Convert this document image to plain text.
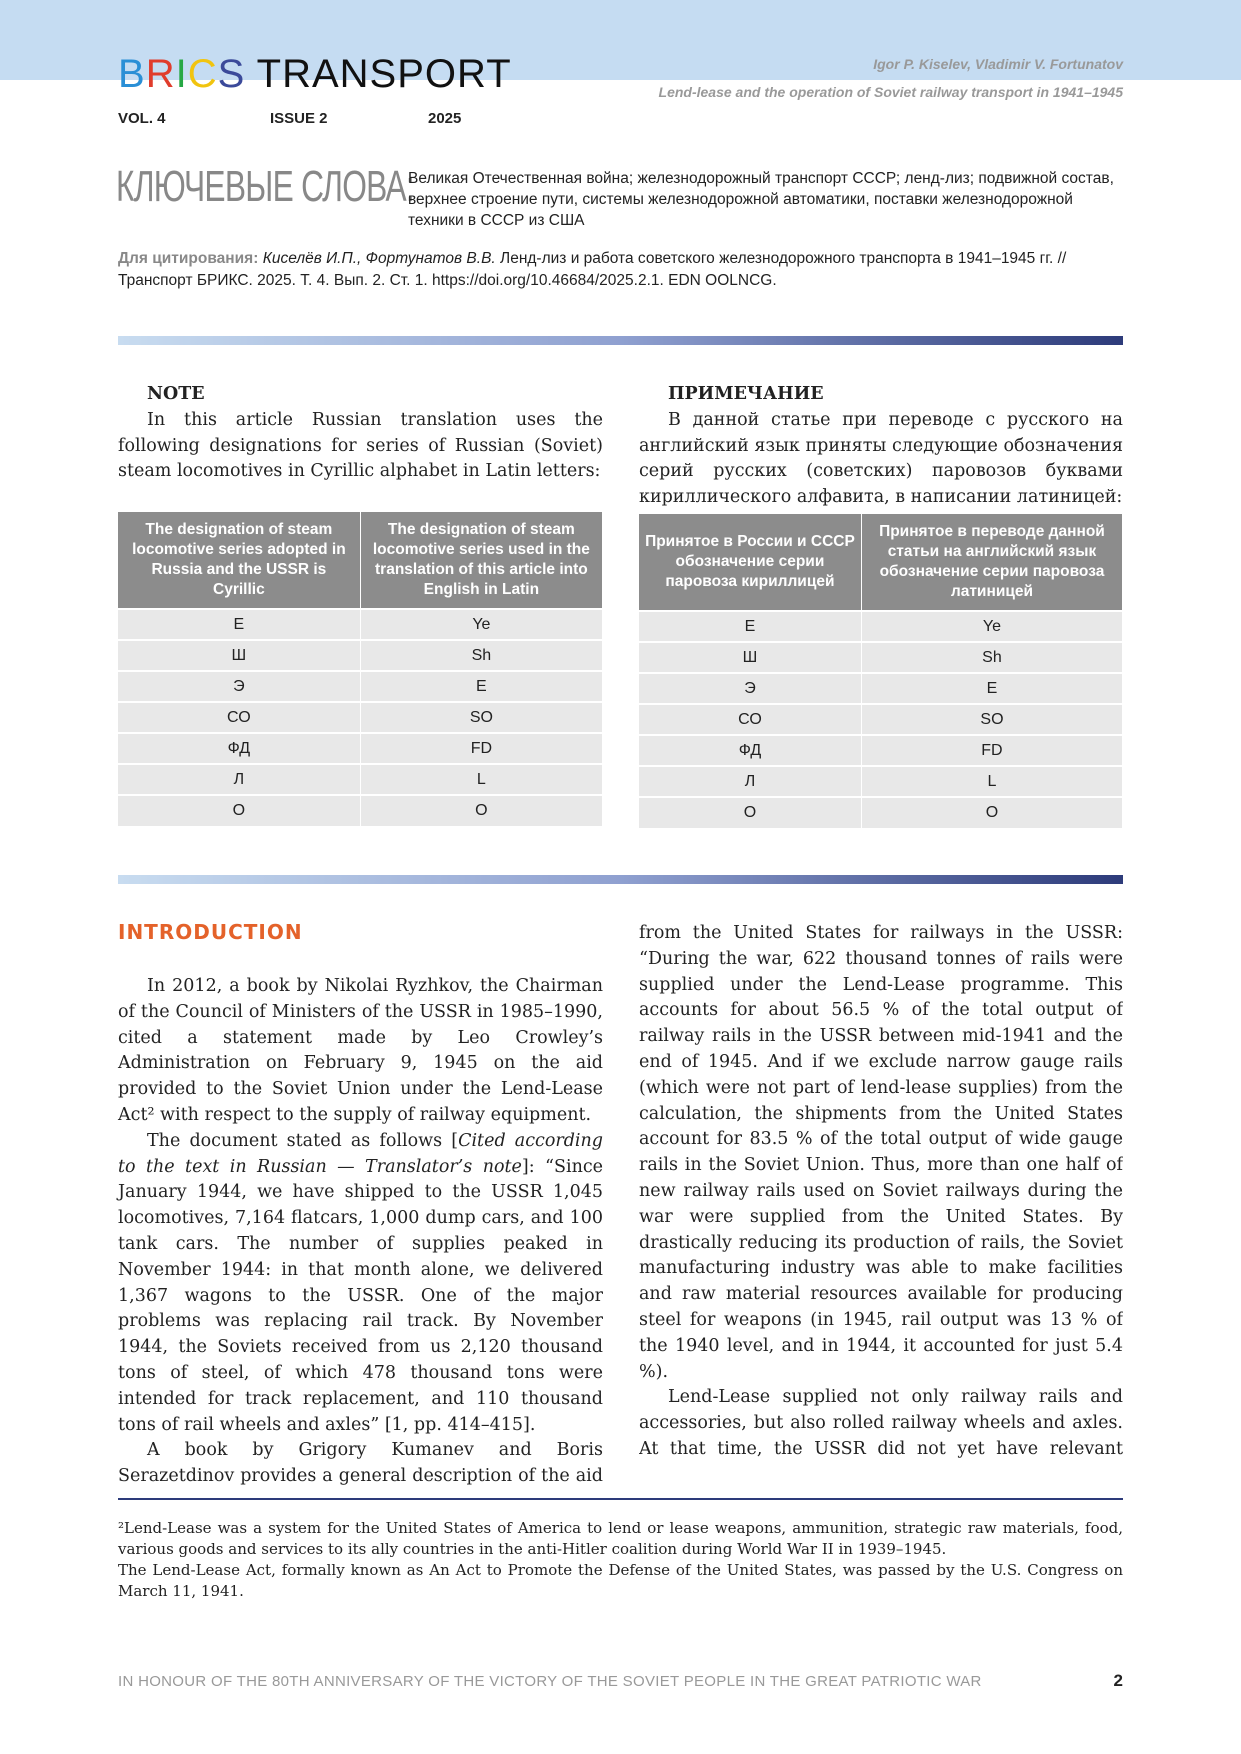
BRICS TRANSPORT
VOL. 4	ISSUE 2	2025
Igor P. Kiselev, Vladimir V. Fortunatov
Lend-lease and the operation of Soviet railway transport in 1941–1945
КЛЮЧЕВЫЕ СЛОВА:
Великая Отечественная война; железнодорожный транспорт СССР; ленд-лиз; подвижной состав, верхнее строение пути, системы железнодорожной автоматики, поставки железнодорожной техники в СССР из США
Для цитирования: Киселёв И.П., Фортунатов В.В. Ленд-лиз и работа советского железнодорожного транспорта в 1941–1945 гг. // Транспорт БРИКС. 2025. Т. 4. Вып. 2. Ст. 1. https://doi.org/10.46684/2025.2.1. EDN OOLNCG.
NOTE

In this article Russian translation uses the following designations for series of Russian (Soviet) steam locomotives in Cyrillic alphabet in Latin letters:

The designation of steam locomotive series adopted in Russia and the USSR is Cyrillic	The designation of steam locomotive series used in the translation of this article into English in Latin
Е	Ye
Ш	Sh
Э	E
СО	SO
ФД	FD
Л	L
О	O
ПРИМЕЧАНИЕ

В данной статье при переводе с русского на английский язык приняты следующие обозначения серий русских (советских) паровозов буквами кириллического алфавита, в написании латиницей:

Принятое в России и СССР обозначение серии паровоза кириллицей	Принятое в переводе данной статьи на английский язык обозначение серии паровоза латиницей
Е	Ye
Ш	Sh
Э	E
СО	SO
ФД	FD
Л	L
О	O
INTRODUCTION

In 2012, a book by Nikolai Ryzhkov, the Chairman of the Council of Ministers of the USSR in 1985–1990, cited a statement made by Leo Crowley’s Administration on February 9, 1945 on the aid provided to the Soviet Union under the Lend-Lease Act² with respect to the supply of railway equipment.

The document stated as follows [Cited according to the text in Russian — Translator’s note]: “Since January 1944, we have shipped to the USSR 1,045 locomotives, 7,164 flatcars, 1,000 dump cars, and 100 tank cars. The number of supplies peaked in November 1944: in that month alone, we delivered 1,367 wagons to the USSR. One of the major problems was replacing rail track. By November 1944, the Soviets received from us 2,120 thousand tons of steel, of which 478 thousand tons were intended for track replacement, and 110 thousand tons of rail wheels and axles” [1, pp. 414–415].

A book by Grigory Kumanev and Boris Serazetdinov provides a general description of the aid

from the United States for railways in the USSR: “During the war, 622 thousand tonnes of rails were supplied under the Lend-Lease programme. This accounts for about 56.5 % of the total output of railway rails in the USSR between mid-1941 and the end of 1945. And if we exclude narrow gauge rails (which were not part of lend-lease supplies) from the calculation, the shipments from the United States account for 83.5 % of the total output of wide gauge rails in the Soviet Union. Thus, more than one half of new railway rails used on Soviet railways during the war were supplied from the United States. By drastically reducing its production of rails, the Soviet manufacturing industry was able to make facilities and raw material resources available for producing steel for weapons (in 1945, rail output was 13 % of the 1940 level, and in 1944, it accounted for just 5.4 %).

Lend-Lease supplied not only railway rails and accessories, but also rolled railway wheels and axles. At that time, the USSR did not yet have relevant

²Lend-Lease was a system for the United States of America to lend or lease weapons, ammunition, strategic raw materials, food, various goods and services to its ally countries in the anti-Hitler coalition during World War II in 1939–1945.
The Lend-Lease Act, formally known as An Act to Promote the Defense of the United States, was passed by the U.S. Congress on March 11, 1941.
IN HONOUR OF THE 80TH ANNIVERSARY OF THE VICTORY OF THE SOVIET PEOPLE IN THE GREAT PATRIOTIC WAR	2
